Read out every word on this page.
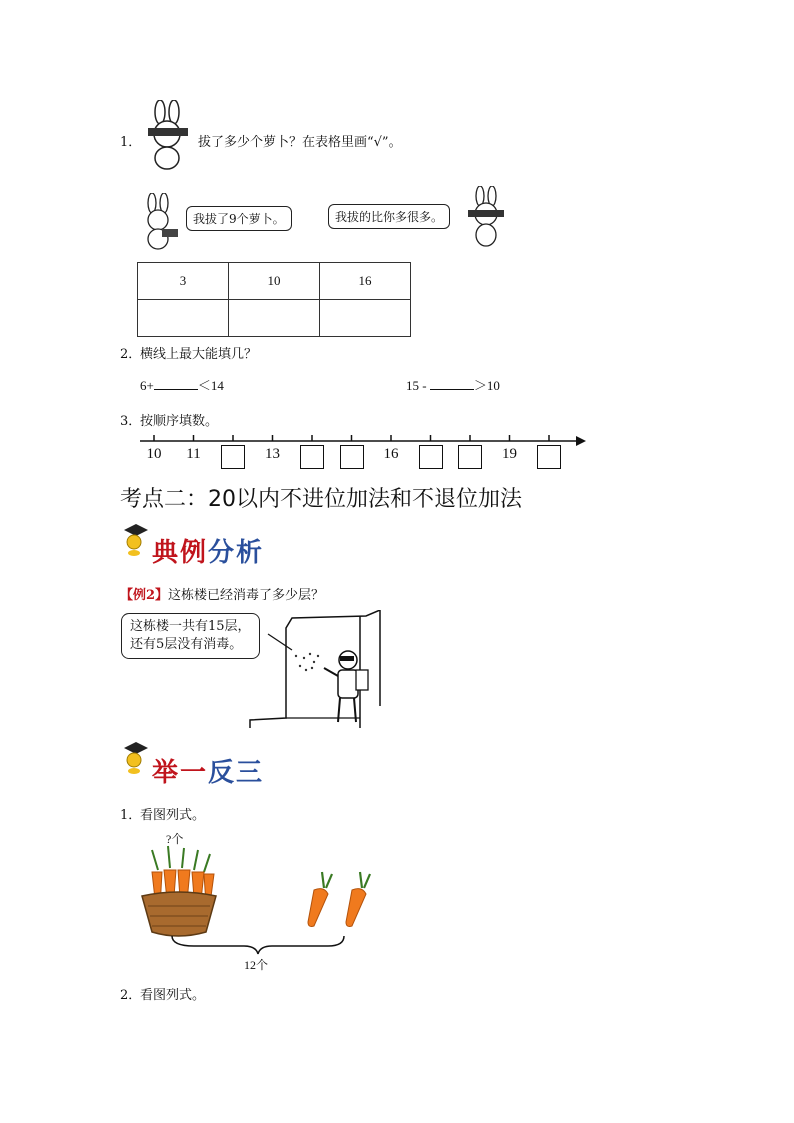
1．	拔了多少个萝卜？在表格里画“√”。
我拔了9个萝卜。	我拔的比你多很多。
3	10	16

2．
横线上最大能填几？
6+	＜14	15 -	＞10
3．
按顺序填数。
10	11	13	16	19
考点二：20以内不进位加法和不退位加法
典例分析
【例2】这栋楼已经消毒了多少层？
这栋楼一共有15层，
还有5层没有消毒。
举一反三
1．
看图列式。
?个
12个
2．
看图列式。
